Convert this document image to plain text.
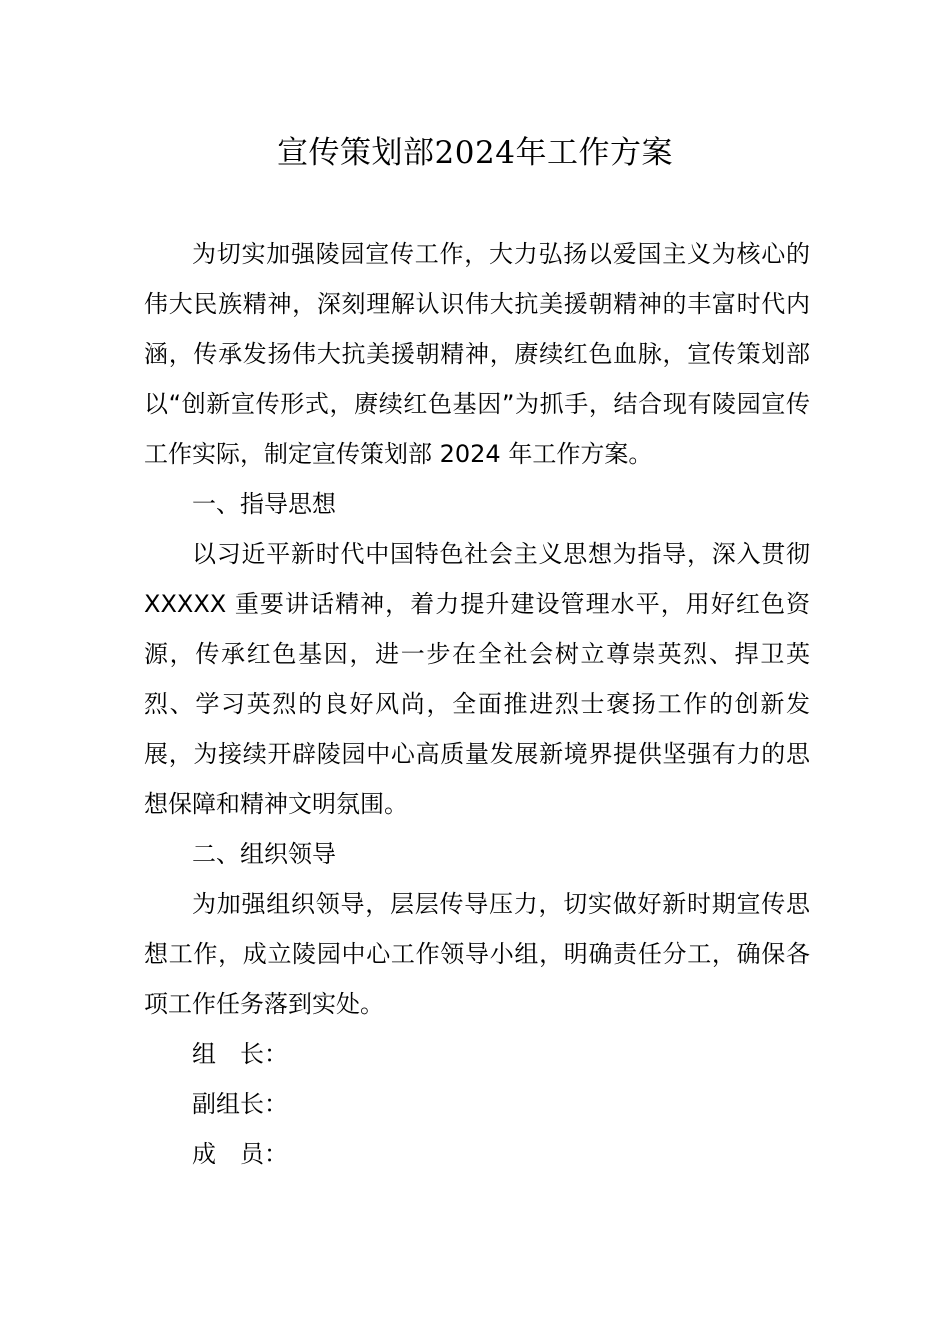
宣传策划部2024年工作方案

为切实加强陵园宣传工作，大力弘扬以爱国主义为核心的伟大民族精神，深刻理解认识伟大抗美援朝精神的丰富时代内涵，传承发扬伟大抗美援朝精神，赓续红色血脉，宣传策划部以“创新宣传形式，赓续红色基因”为抓手，结合现有陵园宣传工作实际，制定宣传策划部 2024 年工作方案。

一、指导思想

以习近平新时代中国特色社会主义思想为指导，深入贯彻 XXXXX 重要讲话精神，着力提升建设管理水平，用好红色资源，传承红色基因，进一步在全社会树立尊崇英烈、捍卫英烈、学习英烈的良好风尚，全面推进烈士褒扬工作的创新发展，为接续开辟陵园中心高质量发展新境界提供坚强有力的思想保障和精神文明氛围。

二、组织领导

为加强组织领导，层层传导压力，切实做好新时期宣传思想工作，成立陵园中心工作领导小组，明确责任分工，确保各项工作任务落到实处。

组 长：

副组长：

成 员：
